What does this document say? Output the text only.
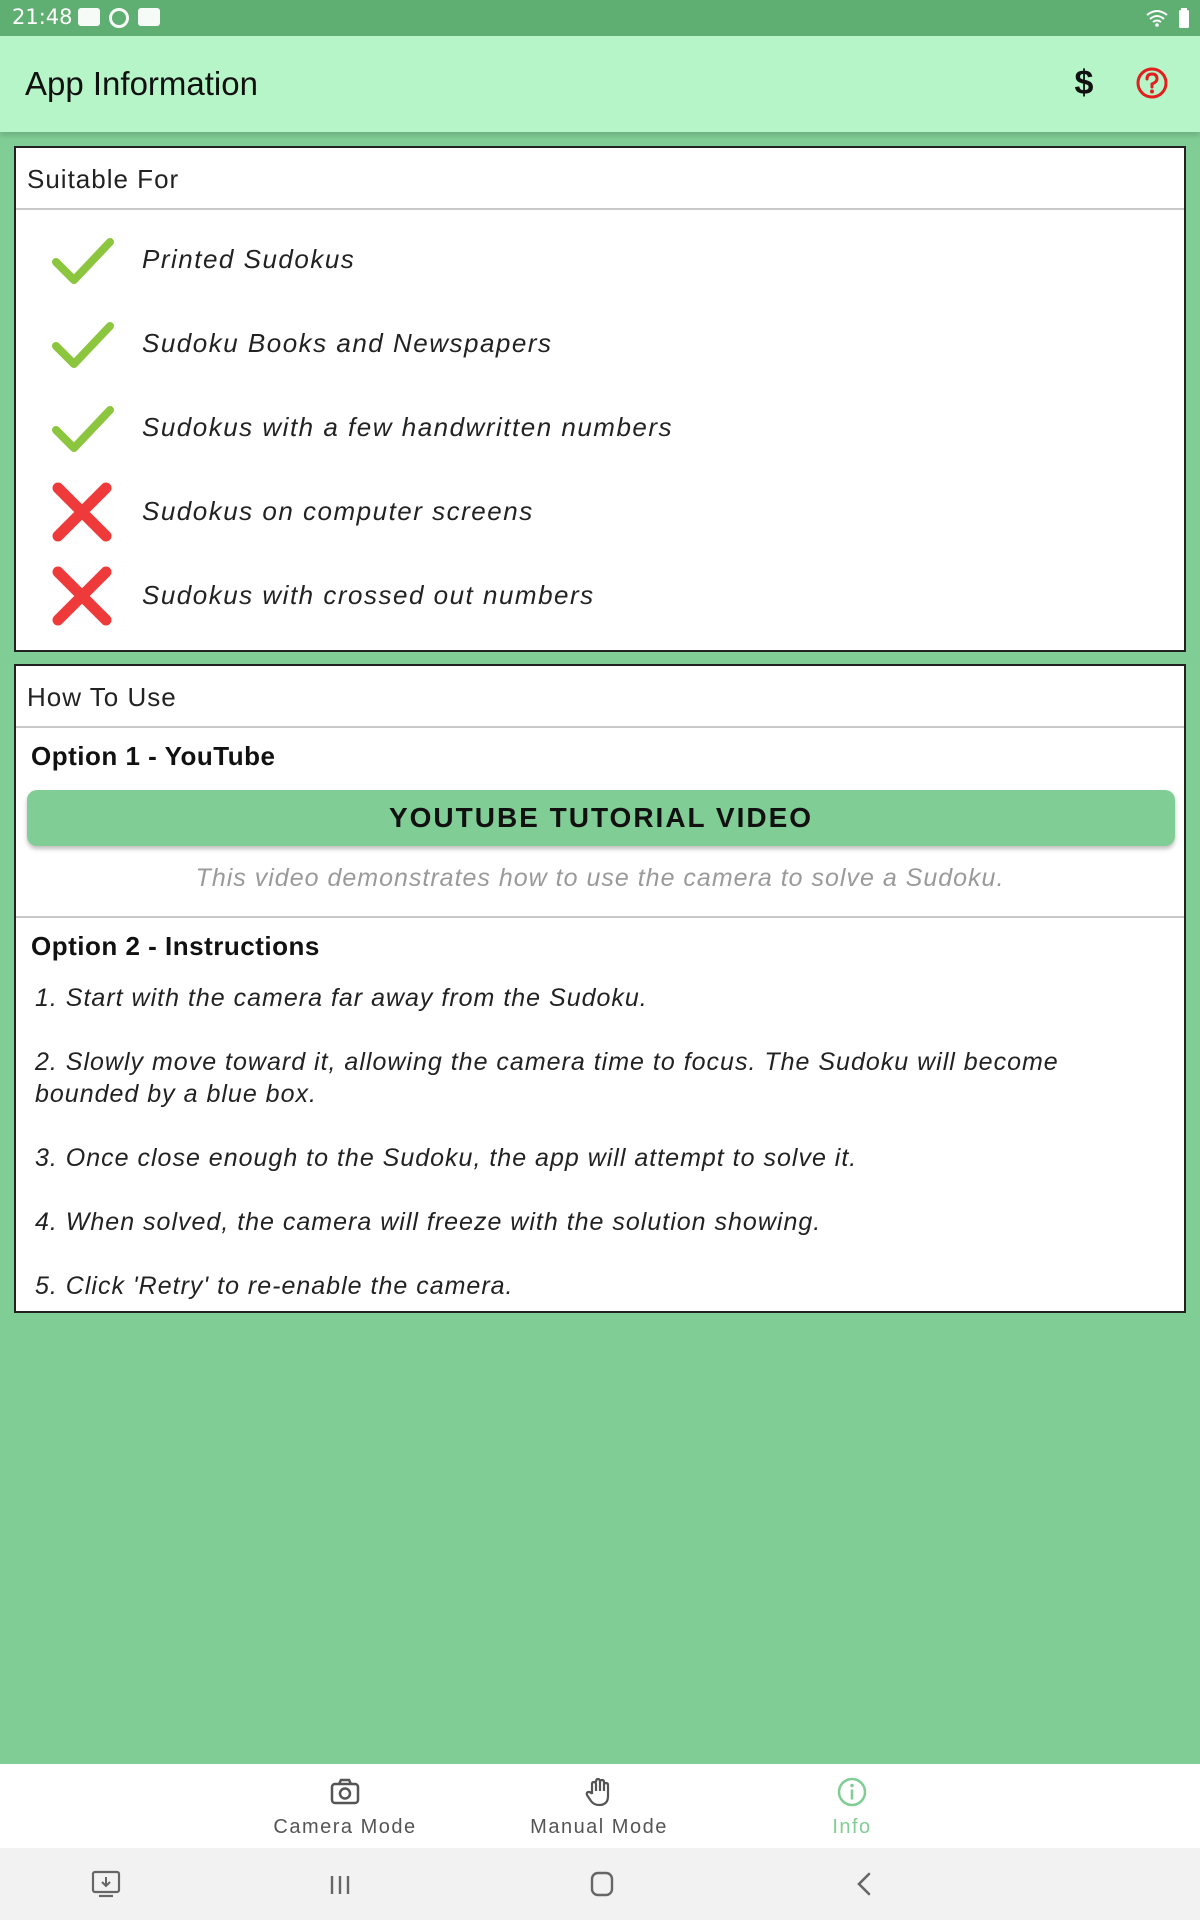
21:48
App Information	$
Suitable For
Printed Sudokus
Sudoku Books and Newspapers
Sudokus with a few handwritten numbers
Sudokus on computer screens
Sudokus with crossed out numbers
How To Use
Option 1 - YouTube
YOUTUBE TUTORIAL VIDEO
This video demonstrates how to use the camera to solve a Sudoku.
Option 2 - Instructions
1. Start with the camera far away from the Sudoku.
2. Slowly move toward it, allowing the camera time to focus. The Sudoku will become bounded by a blue box.
3. Once close enough to the Sudoku, the app will attempt to solve it.
4. When solved, the camera will freeze with the solution showing.
5. Click 'Retry' to re-enable the camera.
Camera Mode	Manual Mode	Info
